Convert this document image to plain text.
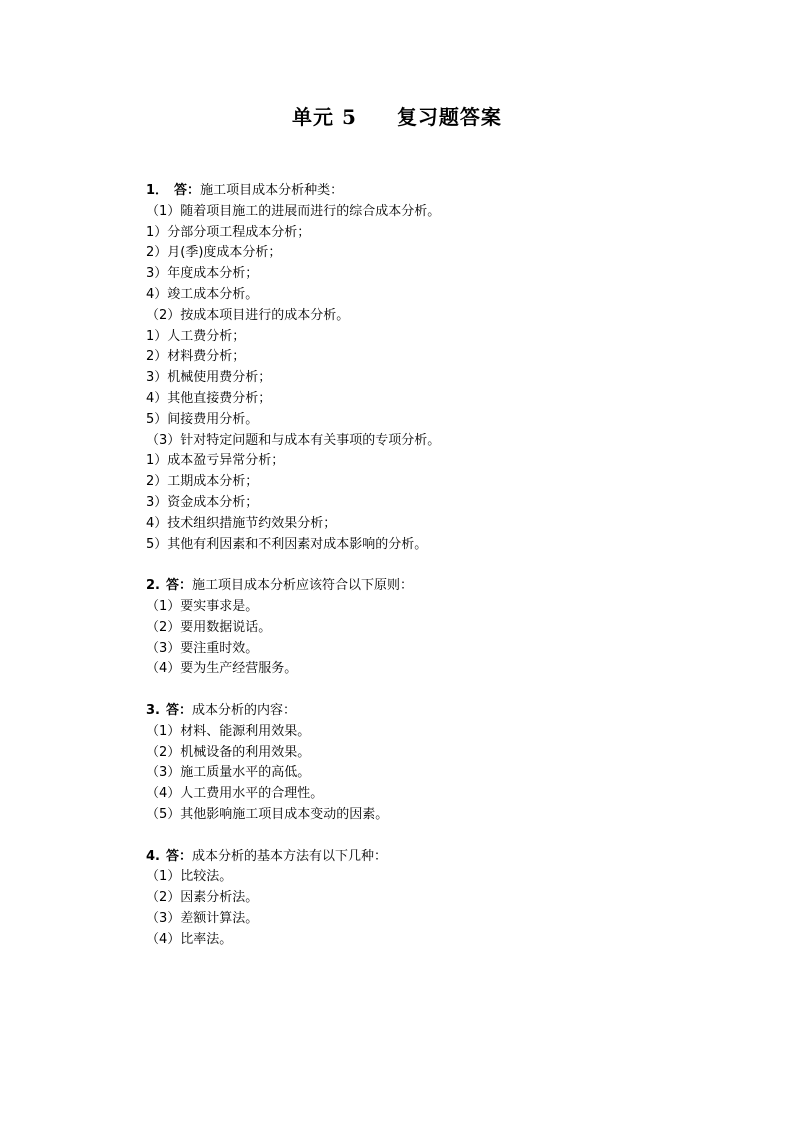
单元 5 复习题答案
1． 答：施工项目成本分析种类：
（1）随着项目施工的进展而进行的综合成本分析。
1）分部分项工程成本分析；
2）月(季)度成本分析；
3）年度成本分析；
4）竣工成本分析。
（2）按成本项目进行的成本分析。
1）人工费分析；
2）材料费分析；
3）机械使用费分析；
4）其他直接费分析；
5）间接费用分析。
（3）针对特定问题和与成本有关事项的专项分析。
1）成本盈亏异常分析；
2）工期成本分析；
3）资金成本分析；
4）技术组织措施节约效果分析；
5）其他有利因素和不利因素对成本影响的分析。
2. 答：施工项目成本分析应该符合以下原则：
（1）要实事求是。
（2）要用数据说话。
（3）要注重时效。
（4）要为生产经营服务。
3. 答：成本分析的内容：
（1）材料、能源利用效果。
（2）机械设备的利用效果。
（3）施工质量水平的高低。
（4）人工费用水平的合理性。
（5）其他影响施工项目成本变动的因素。
4. 答：成本分析的基本方法有以下几种：
（1）比较法。
（2）因素分析法。
（3）差额计算法。
（4）比率法。
